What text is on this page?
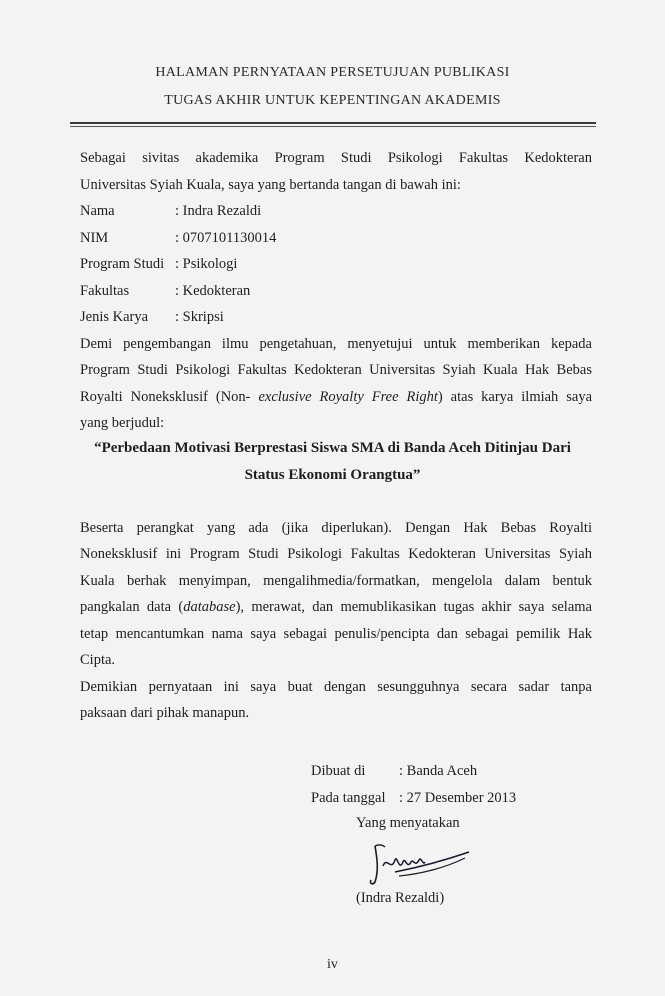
HALAMAN PERNYATAAN PERSETUJUAN PUBLIKASI
TUGAS AKHIR UNTUK KEPENTINGAN AKADEMIS
Sebagai sivitas akademika Program Studi Psikologi Fakultas Kedokteran
Universitas Syiah Kuala, saya yang bertanda tangan di bawah ini:
Nama	: Indra Rezaldi
NIM	: 0707101130014
Program Studi : Psikologi
Fakultas	: Kedokteran
Jenis Karya : Skripsi
Demi pengembangan ilmu pengetahuan, menyetujui untuk memberikan kepada
Program Studi Psikologi Fakultas Kedokteran Universitas Syiah Kuala Hak Bebas
Royalti Noneksklusif (Non- exclusive Royalty Free Right) atas karya ilmiah saya
yang berjudul:
“Perbedaan Motivasi Berprestasi Siswa SMA di Banda Aceh Ditinjau Dari
Status Ekonomi Orangtua”
Beserta perangkat yang ada (jika diperlukan). Dengan Hak Bebas Royalti
Noneksklusif ini Program Studi Psikologi Fakultas Kedokteran Universitas Syiah
Kuala berhak menyimpan, mengalihmedia/formatkan, mengelola dalam bentuk
pangkalan data (database), merawat, dan memublikasikan tugas akhir saya selama
tetap mencantumkan nama saya sebagai penulis/pencipta dan sebagai pemilik Hak
Cipta.
Demikian pernyataan ini saya buat dengan sesungguhnya secara sadar tanpa
paksaan dari pihak manapun.
Dibuat di : Banda Aceh
Pada tanggal : 27 Desember 2013
Yang menyatakan
(Indra Rezaldi)
iv
